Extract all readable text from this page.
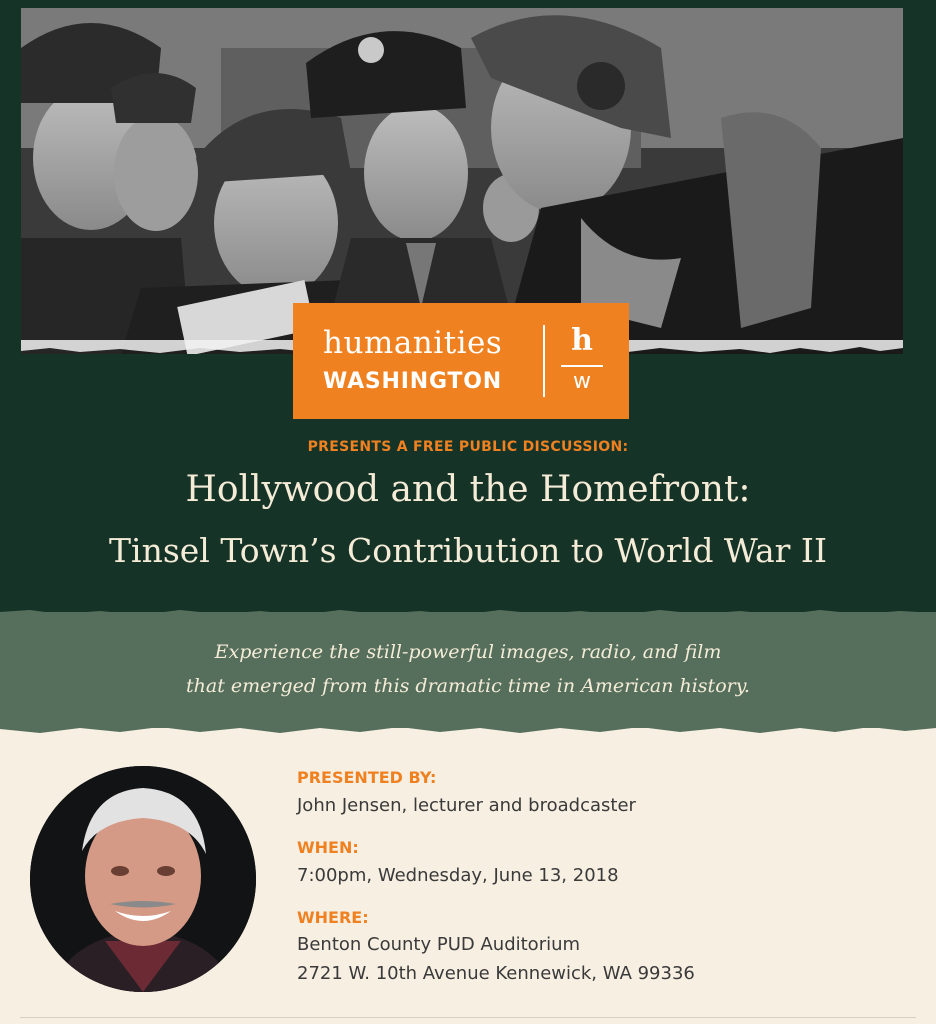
humanities
WASHINGTON
h
w
PRESENTS A FREE PUBLIC DISCUSSION:
Hollywood and the Homefront:
Tinsel Town’s Contribution to World War II
Experience the still-powerful images, radio, and film
that emerged from this dramatic time in American history.
PRESENTED BY:
John Jensen, lecturer and broadcaster
WHEN:
7:00pm, Wednesday, June 13, 2018
WHERE:
Benton County PUD Auditorium
2721 W. 10th Avenue Kennewick, WA 99336
